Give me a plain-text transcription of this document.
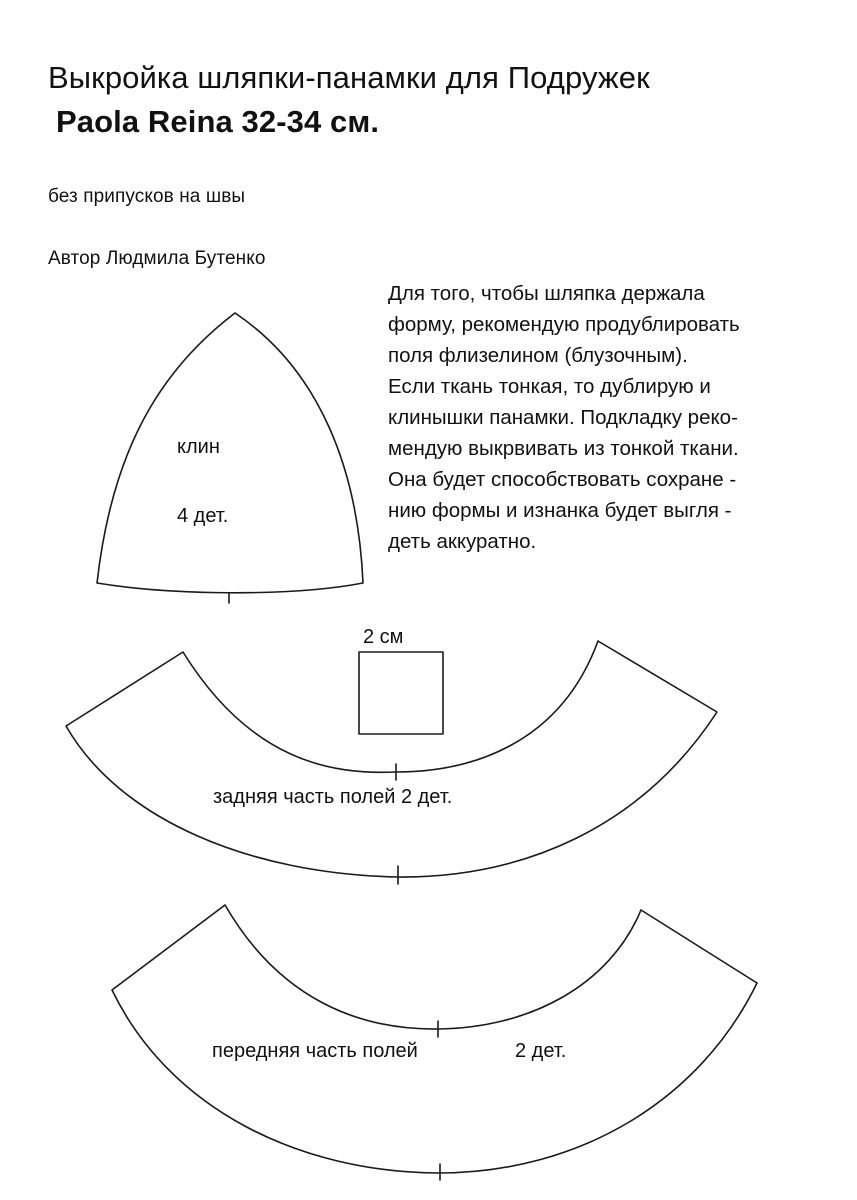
Выкройка шляпки-панамки для Подружек
Paola Reina 32-34 см.

без припусков на швы

Автор Людмила Бутенко

Для того, чтобы шляпка держала
форму, рекомендую продублировать
поля флизелином (блузочным).
Если ткань тонкая, то дублирую и
клинышки панамки. Подкладку реко-
мендую выкрвивать из тонкой ткани.
Она будет способствовать сохране -
нию формы и изнанка будет выгля -
деть аккуратно.
клин
4 дет.
2 см
задняя часть полей 2 дет.
передняя часть полей	2 дет.
